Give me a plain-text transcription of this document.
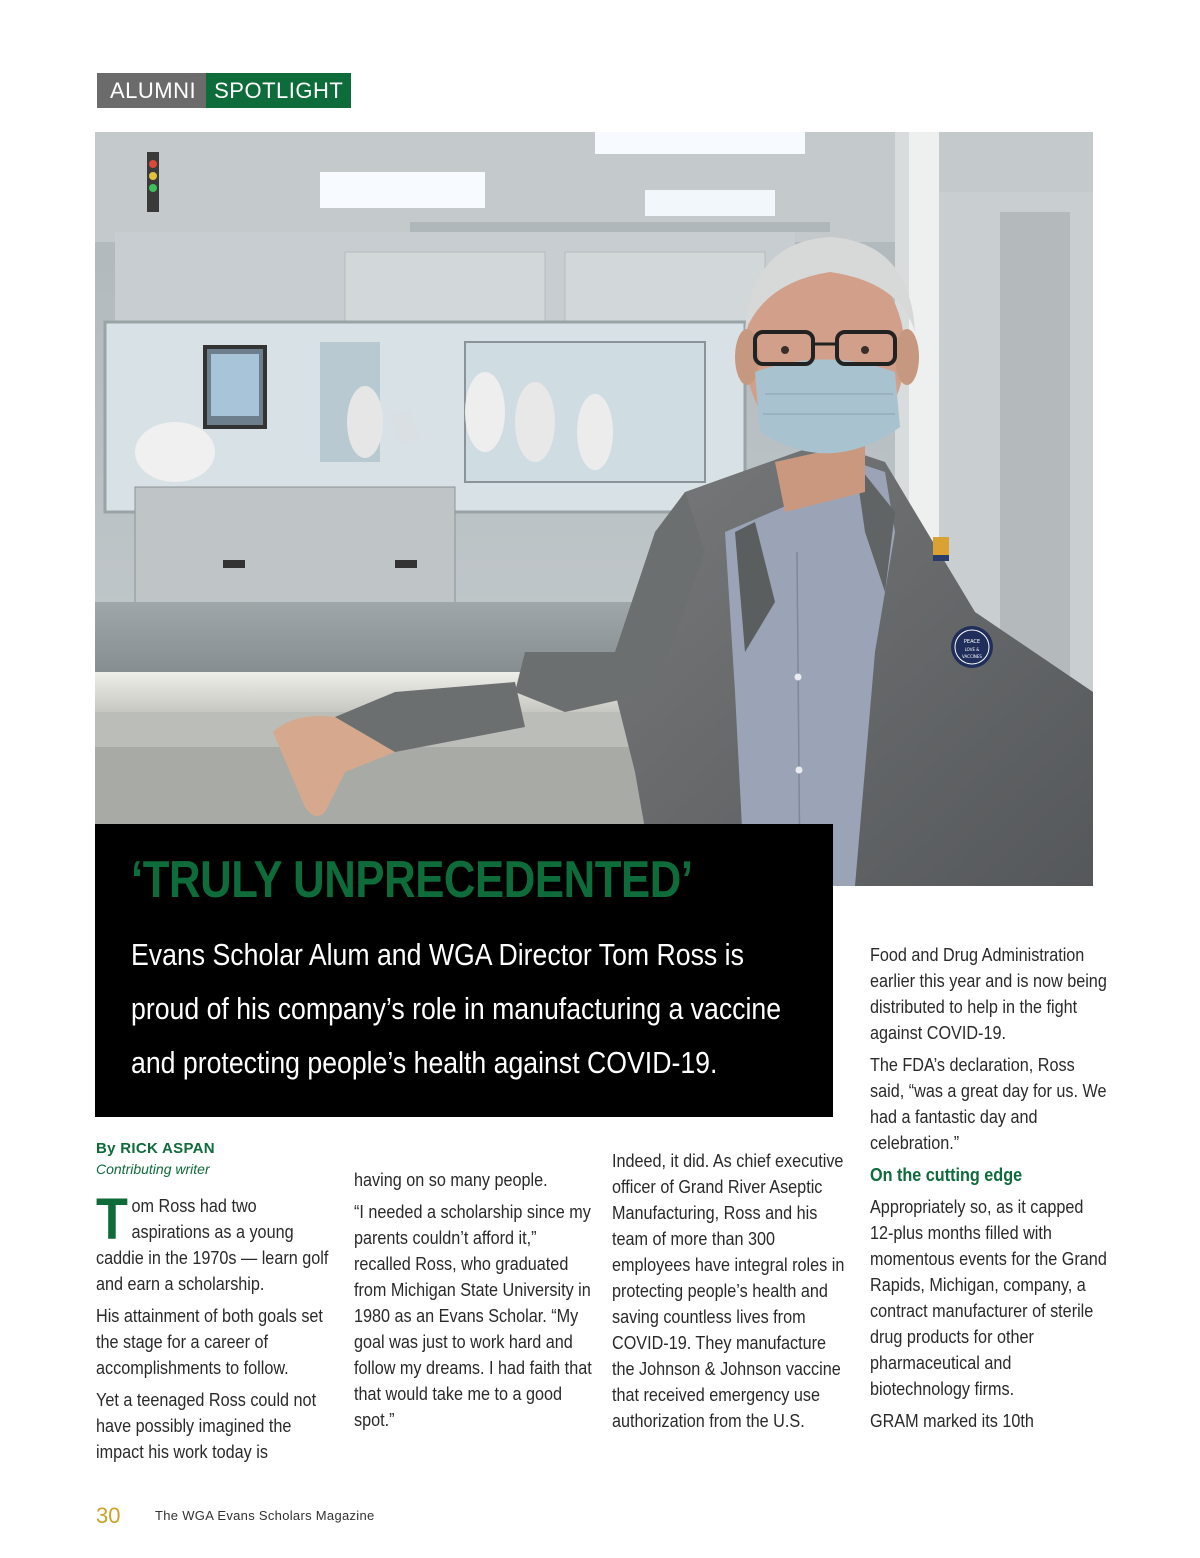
ALUMNI SPOTLIGHT
PEACE
LOVE &
VACCINES
‘TRULY UNPRECEDENTED’

Evans Scholar Alum and WGA Director Tom Ross is proud of his company’s role in manufacturing a vaccine and protecting people’s health against COVID-19.

By RICK ASPAN
Contributing writer

Tom Ross had two aspirations as a young caddie in the 1970s — learn golf and earn a scholarship.

His attainment of both goals set the stage for a career of accomplishments to follow.

Yet a teenaged Ross could not have possibly imagined the impact his work today is

having on so many people.

“I needed a scholarship since my parents couldn’t afford it,” recalled Ross, who graduated from Michigan State University in 1980 as an Evans Scholar. “My goal was just to work hard and follow my dreams. I had faith that that would take me to a good spot.”

Indeed, it did. As chief executive officer of Grand River Aseptic Manufacturing, Ross and his team of more than 300 employees have integral roles in protecting people’s health and saving countless lives from COVID-19. They manufacture the Johnson & Johnson vaccine that received emergency use authorization from the U.S.

Food and Drug Administration earlier this year and is now being distributed to help in the fight against COVID-19.

The FDA’s declaration, Ross said, “was a great day for us. We had a fantastic day and celebration.”

On the cutting edge

Appropriately so, as it capped 12-plus months filled with momentous events for the Grand Rapids, Michigan, company, a contract manufacturer of sterile drug products for other pharmaceutical and biotechnology firms.

GRAM marked its 10th

30	The WGA Evans Scholars Magazine
